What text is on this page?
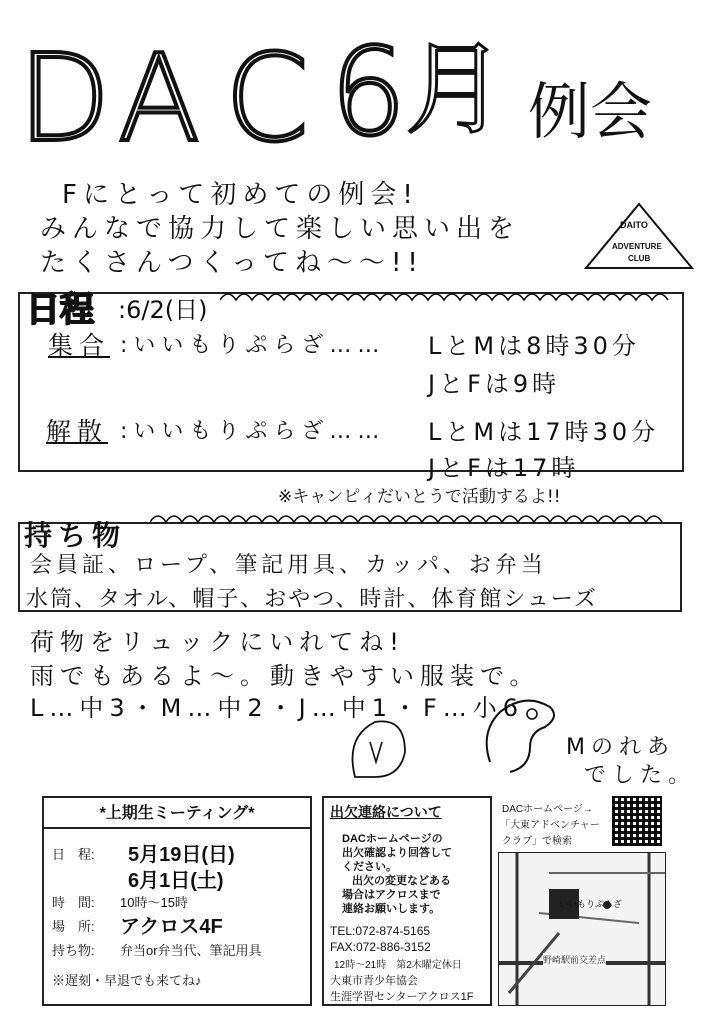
D A C 6
月 例会
Fにとって初めての例会!
みんなで協力して楽しい思い出を
たくさんつくってね〜〜!!
DAITO
ADVENTURE
CLUB
日程 :6/2(日)
集合 :いいもりぷらざ…… LとMは8時30分
JとFは9時
解散 :いいもりぷらざ…… LとMは17時30分
JとFは17時
※キャンピィだいとうで活動するよ!!
持ち物
会員証、ロープ、筆記用具、カッパ、お弁当
水筒、タオル、帽子、おやつ、時計、体育館シューズ
荷物をリュックにいれてね!
雨でもあるよ〜。動きやすい服装で。
L…中3・M…中2・J…中1・F…小6
Mのれあ
でした。
*上期生ミーティング*
日　程: 5月19日(日)
6月1日(土)
時　間: 10時〜15時
場　所: アクロス4F
持ち物: 弁当or弁当代、筆記用具
※遅刻・早退でも来てね♪
出欠連絡について
DACホームページの
出欠確認より回答して
ください。
出欠の変更などある
場合はアクロスまで
連絡お願いします。
TEL:072-874-5165
FAX:072-886-3152
12時〜21時　第2木曜定休日
大東市青少年協会
生涯学習センターアクロス1F
DACホームページ→
「大東アドベンチャー
クラブ」で検索
いいもりぷらざ
野崎駅前交差点
